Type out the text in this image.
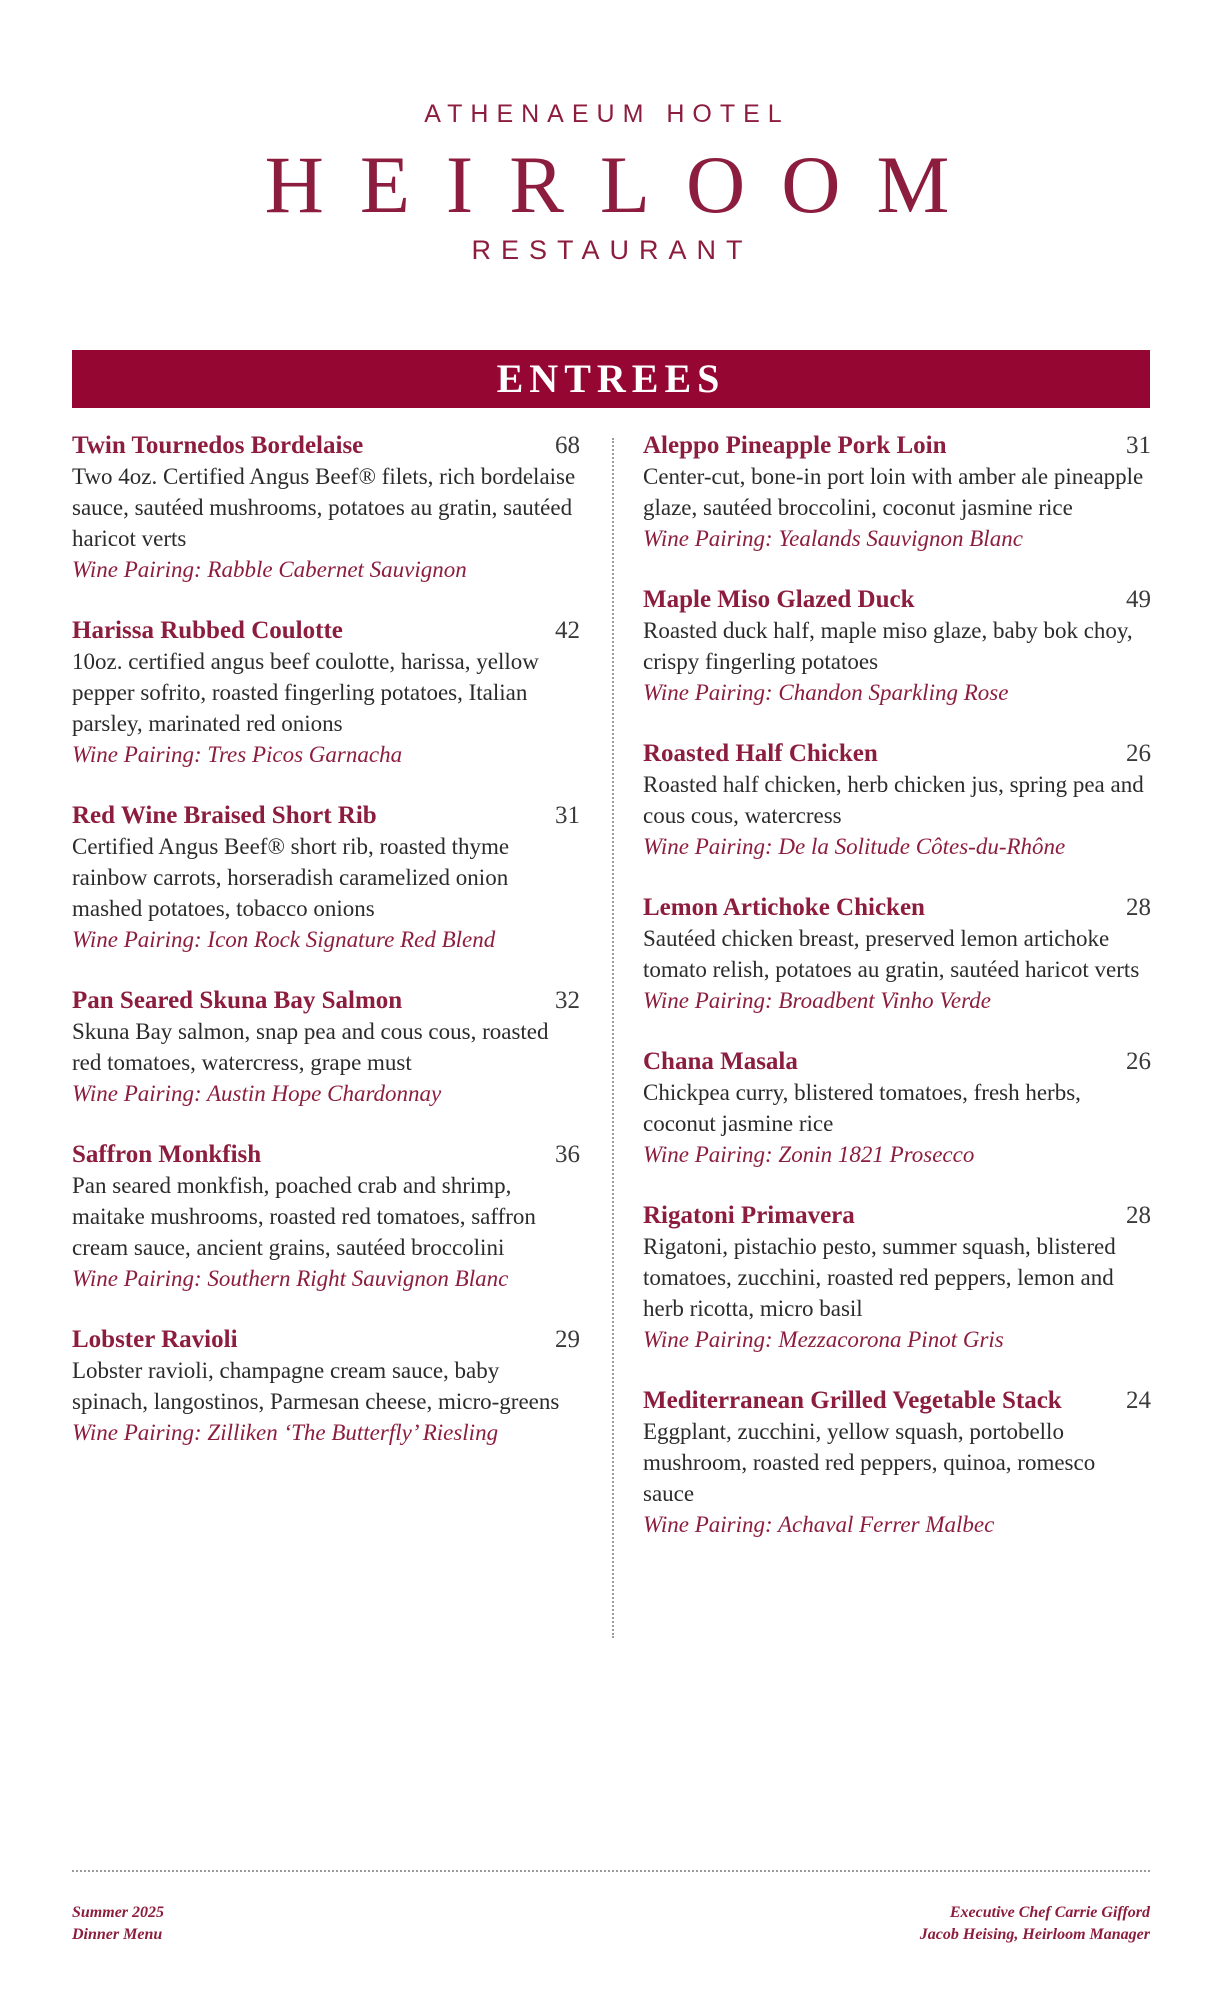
ATHENAEUM HOTEL
HEIRLOOM
RESTAURANT
ENTREES
Twin Tournedos Bordelaise	68
Two 4oz. Certified Angus Beef® filets, rich bordelaise sauce, sautéed mushrooms, potatoes au gratin, sautéed haricot verts
Wine Pairing: Rabble Cabernet Sauvignon
Harissa Rubbed Coulotte	42
10oz. certified angus beef coulotte, harissa, yellow pepper sofrito, roasted fingerling potatoes, Italian parsley, marinated red onions
Wine Pairing: Tres Picos Garnacha
Red Wine Braised Short Rib	31
Certified Angus Beef® short rib, roasted thyme rainbow carrots, horseradish caramelized onion mashed potatoes, tobacco onions
Wine Pairing: Icon Rock Signature Red Blend
Pan Seared Skuna Bay Salmon	32
Skuna Bay salmon, snap pea and cous cous, roasted red tomatoes, watercress, grape must
Wine Pairing: Austin Hope Chardonnay
Saffron Monkfish	36
Pan seared monkfish, poached crab and shrimp, maitake mushrooms, roasted red tomatoes, saffron cream sauce, ancient grains, sautéed broccolini
Wine Pairing: Southern Right Sauvignon Blanc
Lobster Ravioli	29
Lobster ravioli, champagne cream sauce, baby spinach, langostinos, Parmesan cheese, micro-greens
Wine Pairing: Zilliken ‘The Butterfly’ Riesling
Aleppo Pineapple Pork Loin	31
Center-cut, bone-in port loin with amber ale pineapple glaze, sautéed broccolini, coconut jasmine rice
Wine Pairing: Yealands Sauvignon Blanc
Maple Miso Glazed Duck	49
Roasted duck half, maple miso glaze, baby bok choy, crispy fingerling potatoes
Wine Pairing: Chandon Sparkling Rose
Roasted Half Chicken	26
Roasted half chicken, herb chicken jus, spring pea and cous cous, watercress
Wine Pairing: De la Solitude Côtes-du-Rhône
Lemon Artichoke Chicken	28
Sautéed chicken breast, preserved lemon artichoke tomato relish, potatoes au gratin, sautéed haricot verts
Wine Pairing: Broadbent Vinho Verde
Chana Masala	26
Chickpea curry, blistered tomatoes, fresh herbs, coconut jasmine rice
Wine Pairing: Zonin 1821 Prosecco
Rigatoni Primavera	28
Rigatoni, pistachio pesto, summer squash, blistered tomatoes, zucchini, roasted red peppers, lemon and herb ricotta, micro basil
Wine Pairing: Mezzacorona Pinot Gris
Mediterranean Grilled Vegetable Stack	24
Eggplant, zucchini, yellow squash, portobello mushroom, roasted red peppers, quinoa, romesco sauce
Wine Pairing: Achaval Ferrer Malbec
Summer 2025
Dinner Menu
Executive Chef Carrie Gifford
Jacob Heising, Heirloom Manager
